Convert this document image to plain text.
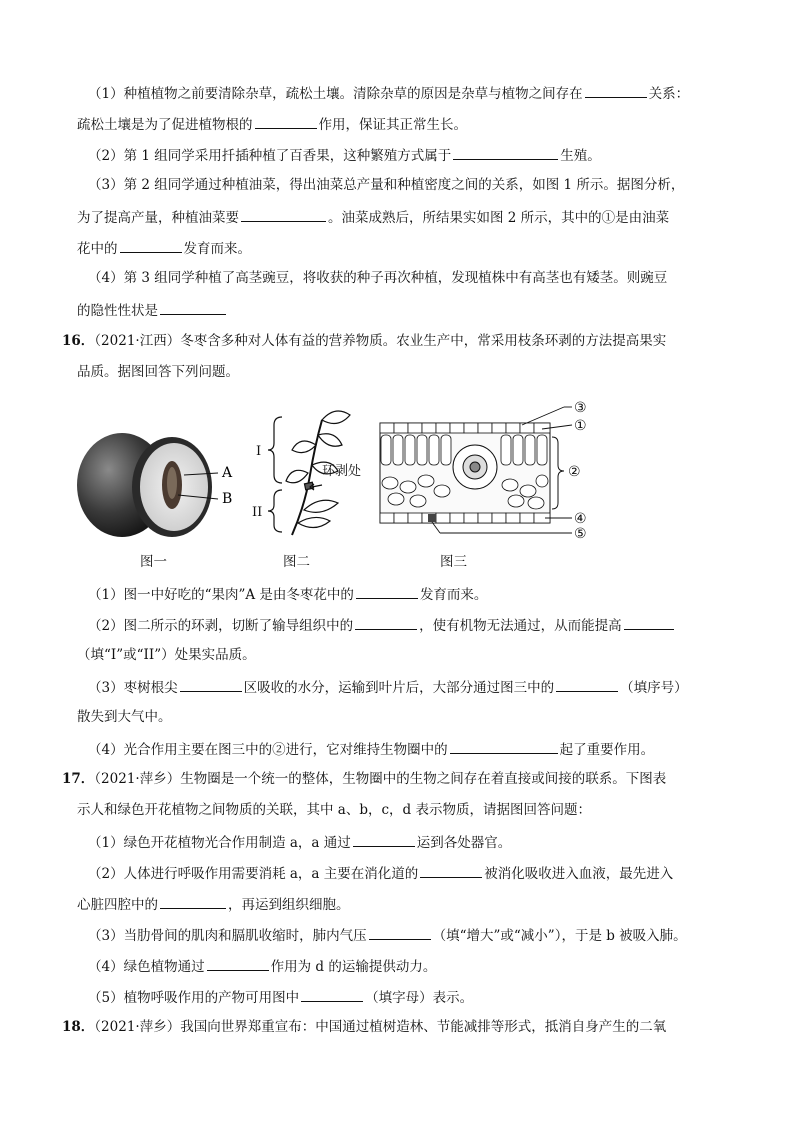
（1）种植植物之前要清除杂草，疏松土壤。清除杂草的原因是杂草与植物之间存在	关系：
疏松土壤是为了促进植物根的	作用，保证其正常生长。
（2）第 1 组同学采用扦插种植了百香果，这种繁殖方式属于	生殖。
（3）第 2 组同学通过种植油菜，得出油菜总产量和种植密度之间的关系，如图 1 所示。据图分析，
为了提高产量，种植油菜要	。油菜成熟后，所结果实如图 2 所示，其中的①是由油菜
花中的	发育而来。
（4）第 3 组同学种植了高茎豌豆，将收获的种子再次种植，发现植株中有高茎也有矮茎。则豌豆
的隐性性状是
16．（2021·江西）冬枣含多种对人体有益的营养物质。农业生产中，常采用枝条环剥的方法提高果实
品质。据图回答下列问题。
A
B
I
II
环剥处
③
①
②
④
⑤
图一	图二	图三
（1）图一中好吃的“果肉”A 是由冬枣花中的	发育而来。
（2）图二所示的环剥，切断了输导组织中的	，使有机物无法通过，从而能提高
（填“I”或“II”）处果实品质。
（3）枣树根尖	区吸收的水分，运输到叶片后，大部分通过图三中的	（填序号）
散失到大气中。
（4）光合作用主要在图三中的②进行，它对维持生物圈中的	起了重要作用。
17．（2021·萍乡）生物圈是一个统一的整体，生物圈中的生物之间存在着直接或间接的联系。下图表
示人和绿色开花植物之间物质的关联，其中 a、b，c，d 表示物质，请据图回答问题：
（1）绿色开花植物光合作用制造 a，a 通过	运到各处器官。
（2）人体进行呼吸作用需要消耗 a，a 主要在消化道的	被消化吸收进入血液，最先进入
心脏四腔中的	，再运到组织细胞。
（3）当肋骨间的肌肉和膈肌收缩时，肺内气压	（填“增大”或“减小”），于是 b 被吸入肺。
（4）绿色植物通过	作用为 d 的运输提供动力。
（5）植物呼吸作用的产物可用图中	（填字母）表示。
18．（2021·萍乡）我国向世界郑重宣布：中国通过植树造林、节能减排等形式，抵消自身产生的二氧
